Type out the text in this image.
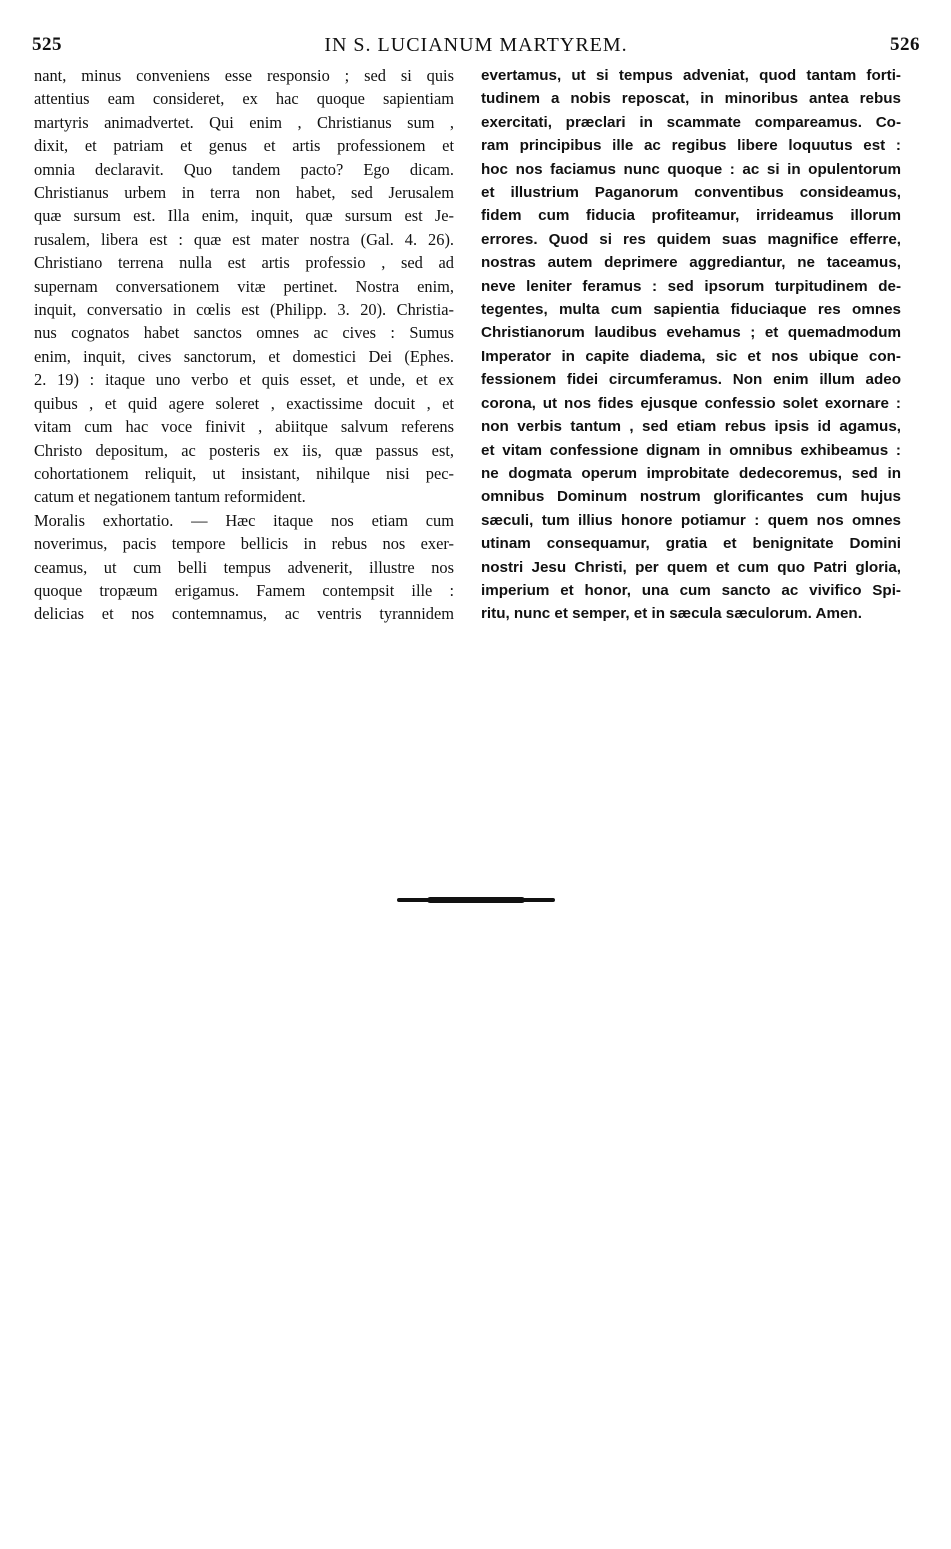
525	IN S. LUCIANUM MARTYREM.	526
nant, minus conveniens esse responsio ; sed si quis
attentius eam consideret, ex hac quoque sapientiam
martyris animadvertet. Qui enim , Christianus sum ,
dixit, et patriam et genus et artis professionem et
omnia declaravit. Quo tandem pacto? Ego dicam.
Christianus urbem in terra non habet, sed Jerusalem
quæ sursum est. Illa enim, inquit, quæ sursum est Je-
rusalem, libera est : quæ est mater nostra (Gal. 4. 26).
Christiano terrena nulla est artis professio , sed ad
supernam conversationem vitæ pertinet. Nostra enim,
inquit, conversatio in cœlis est (Philipp. 3. 20). Christia-
nus cognatos habet sanctos omnes ac cives : Sumus
enim, inquit, cives sanctorum, et domestici Dei (Ephes.
2. 19) : itaque uno verbo et quis esset, et unde, et ex
quibus , et quid agere soleret , exactissime docuit , et
vitam cum hac voce finivit , abiitque salvum referens
Christo depositum, ac posteris ex iis, quæ passus est,
cohortationem reliquit, ut insistant, nihilque nisi pec-
catum et negationem tantum reformident.
Moralis exhortatio. — Hæc itaque nos etiam cum
noverimus, pacis tempore bellicis in rebus nos exer-
ceamus, ut cum belli tempus advenerit, illustre nos
quoque tropæum erigamus. Famem contempsit ille :
delicias et nos contemnamus, ac ventris tyrannidem
evertamus, ut si tempus adveniat, quod tantam forti-
tudinem a nobis reposcat, in minoribus antea rebus
exercitati, præclari in scammate compareamus. Co-
ram principibus ille ac regibus libere loquutus est :
hoc nos faciamus nunc quoque : ac si in opulentorum
et illustrium Paganorum conventibus consideamus,
fidem cum fiducia profiteamur, irrideamus illorum
errores. Quod si res quidem suas magnifice efferre,
nostras autem deprimere aggrediantur, ne taceamus,
neve leniter feramus : sed ipsorum turpitudinem de-
tegentes, multa cum sapientia fiduciaque res omnes
Christianorum laudibus evehamus ; et quemadmodum
Imperator in capite diadema, sic et nos ubique con-
fessionem fidei circumferamus. Non enim illum adeo
corona, ut nos fides ejusque confessio solet exornare :
non verbis tantum , sed etiam rebus ipsis id agamus,
et vitam confessione dignam in omnibus exhibeamus :
ne dogmata operum improbitate dedecoremus, sed in
omnibus Dominum nostrum glorificantes cum hujus
sæculi, tum illius honore potiamur : quem nos omnes
utinam consequamur, gratia et benignitate Domini
nostri Jesu Christi, per quem et cum quo Patri gloria,
imperium et honor, una cum sancto ac vivifico Spi-
ritu, nunc et semper, et in sæcula sæculorum. Amen.
